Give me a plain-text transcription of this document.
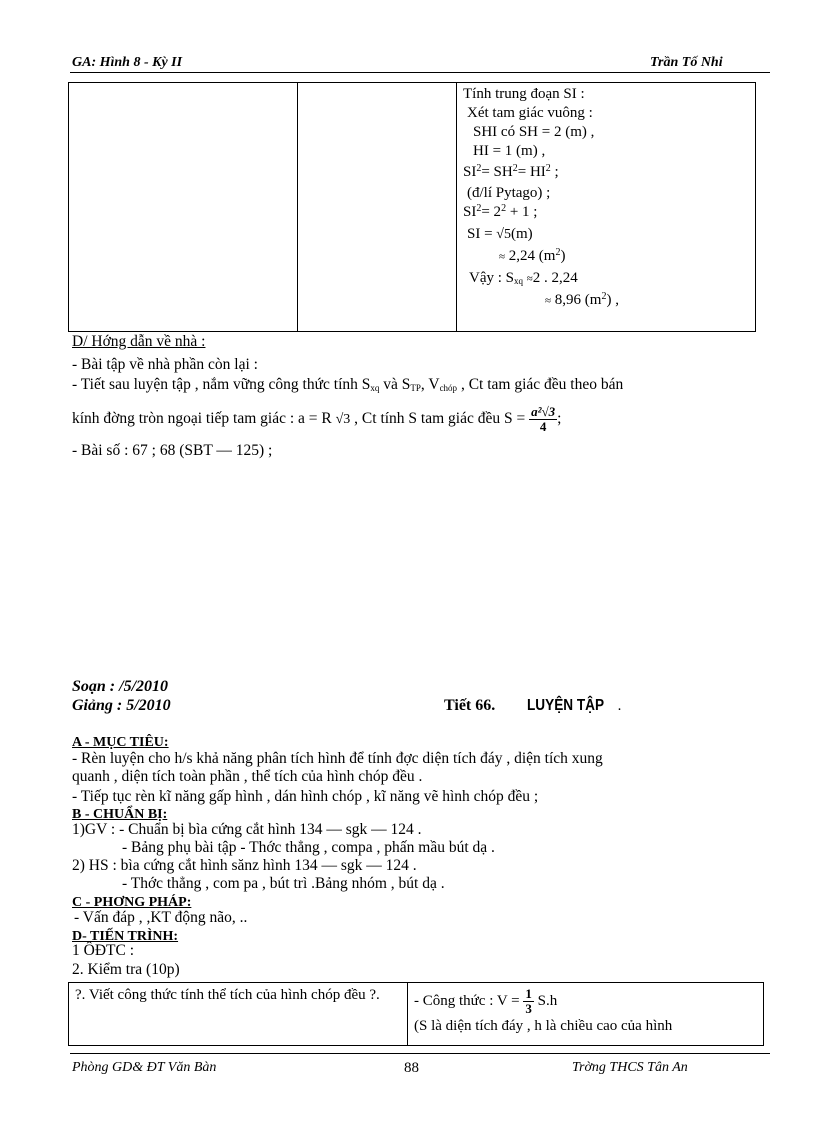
GA: Hình 8 - Kỳ II	Trần Tố Nhi

Tính trung đoạn SI :
Xét tam giác vuông :
SHI có SH = 2 (m) ,
HI = 1 (m) ,
$SI^2= SH^2= HI^2$ ;
(đ/lí Pytago) ;
$SI^2= 2^2 + 1$ ;
SI = √5(m)
≈ 2,24 $(m^2)$
Vậy : $S_{xq} \approx 2$ . 2,24
≈ 8,96 $(m^2)$ ,
D/ Hớng dẫn về nhà :
- Bài tập về nhà phần còn lại :
- Tiết sau luyện tập , nắm vững công thức tính $S_{xq}$ và $S_{TP}$, $V_{chóp}$ , Ct tam giác đều theo bán
kính đờng tròn ngoại tiếp tam giác : a = R √3 , Ct tính S tam giác đều $S = \frac{\text{a²√3}}{4}$ ;
- Bài số : 67 ; 68 (SBT — 125) ;
Soạn : /5/2010
Giảng : 5/2010	Tiết 66. LUYỆN TẬP .
A - MỤC TIÊU:
- Rèn luyện cho h/s khả năng phân tích hình để tính đợc diện tích đáy , diện tích xung
quanh , diện tích toàn phần , thể tích của hình chóp đều .
- Tiếp tục rèn kĩ năng gấp hình , dán hình chóp , kĩ năng vẽ hình chóp đều ;
B - CHUẨN BỊ:
1)GV : - Chuẩn bị bìa cứng cắt hình 134 — sgk — 124 .
- Bảng phụ bài tập - Thớc thẳng , compa , phấn mầu bút dạ .
2) HS : bìa cứng cắt hình sănz hình 134 — sgk — 124 .
- Thớc thẳng , com pa , bút trì .Bảng nhóm , bút dạ .
C - PHƠNG PHÁP:
- Vấn đáp , ,KT động não, ..
D- TIẾN TRÌNH:
1 ÔĐTC :
2. Kiểm tra (10p)
?. Viết công thức tính thể tích của hình chóp đều ?.	- Công thức : $V = \frac{1}{3} S.h$
(S là diện tích đáy , h là chiều cao của hình
Phòng GD& ĐT Văn Bàn	88	Trờng THCS Tân An
